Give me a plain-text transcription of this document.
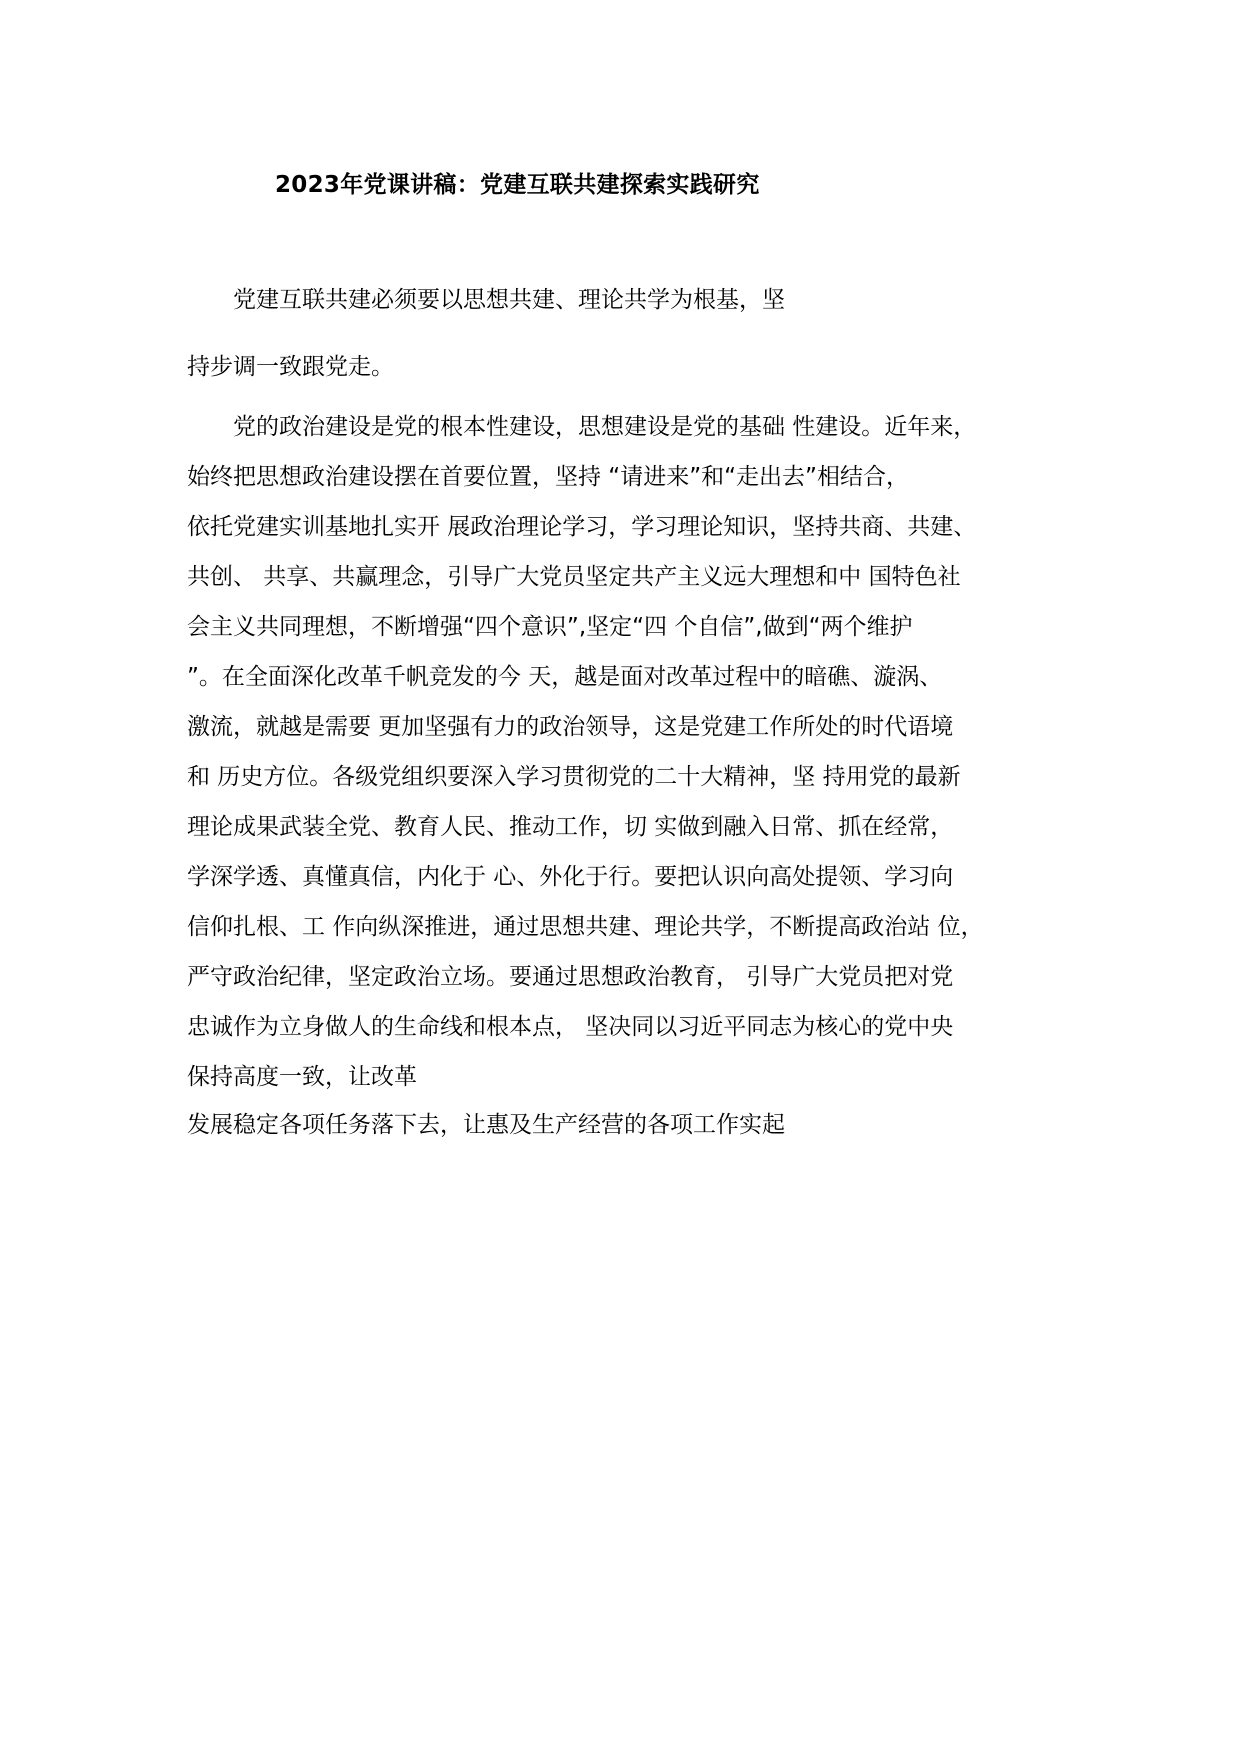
2023年党课讲稿：党建互联共建探索实践研究
　　党建互联共建必须要以思想共建、理论共学为根基，坚
持步调一致跟党走。
　　党的政治建设是党的根本性建设，思想建设是党的基础 性建设。近年来，
始终把思想政治建设摆在首要位置，坚持 “请进来”和“走出去”相结合，
依托党建实训基地扎实开 展政治理论学习，学习理论知识，坚持共商、共建、
共创、 共享、共赢理念，引导广大党员坚定共产主义远大理想和中 国特色社
会主义共同理想，不断增强“四个意识”,坚定“四 个自信”,做到“两个维护
”。在全面深化改革千帆竞发的今 天，越是面对改革过程中的暗礁、漩涡、
激流，就越是需要 更加坚强有力的政治领导，这是党建工作所处的时代语境
和 历史方位。各级党组织要深入学习贯彻党的二十大精神，坚 持用党的最新
理论成果武装全党、教育人民、推动工作，切 实做到融入日常、抓在经常，
学深学透、真懂真信，内化于 心、外化于行。要把认识向高处提领、学习向
信仰扎根、工 作向纵深推进，通过思想共建、理论共学，不断提高政治站 位，
严守政治纪律，坚定政治立场。要通过思想政治教育， 引导广大党员把对党
忠诚作为立身做人的生命线和根本点， 坚决同以习近平同志为核心的党中央
保持高度一致，让改革
发展稳定各项任务落下去，让惠及生产经营的各项工作实起
